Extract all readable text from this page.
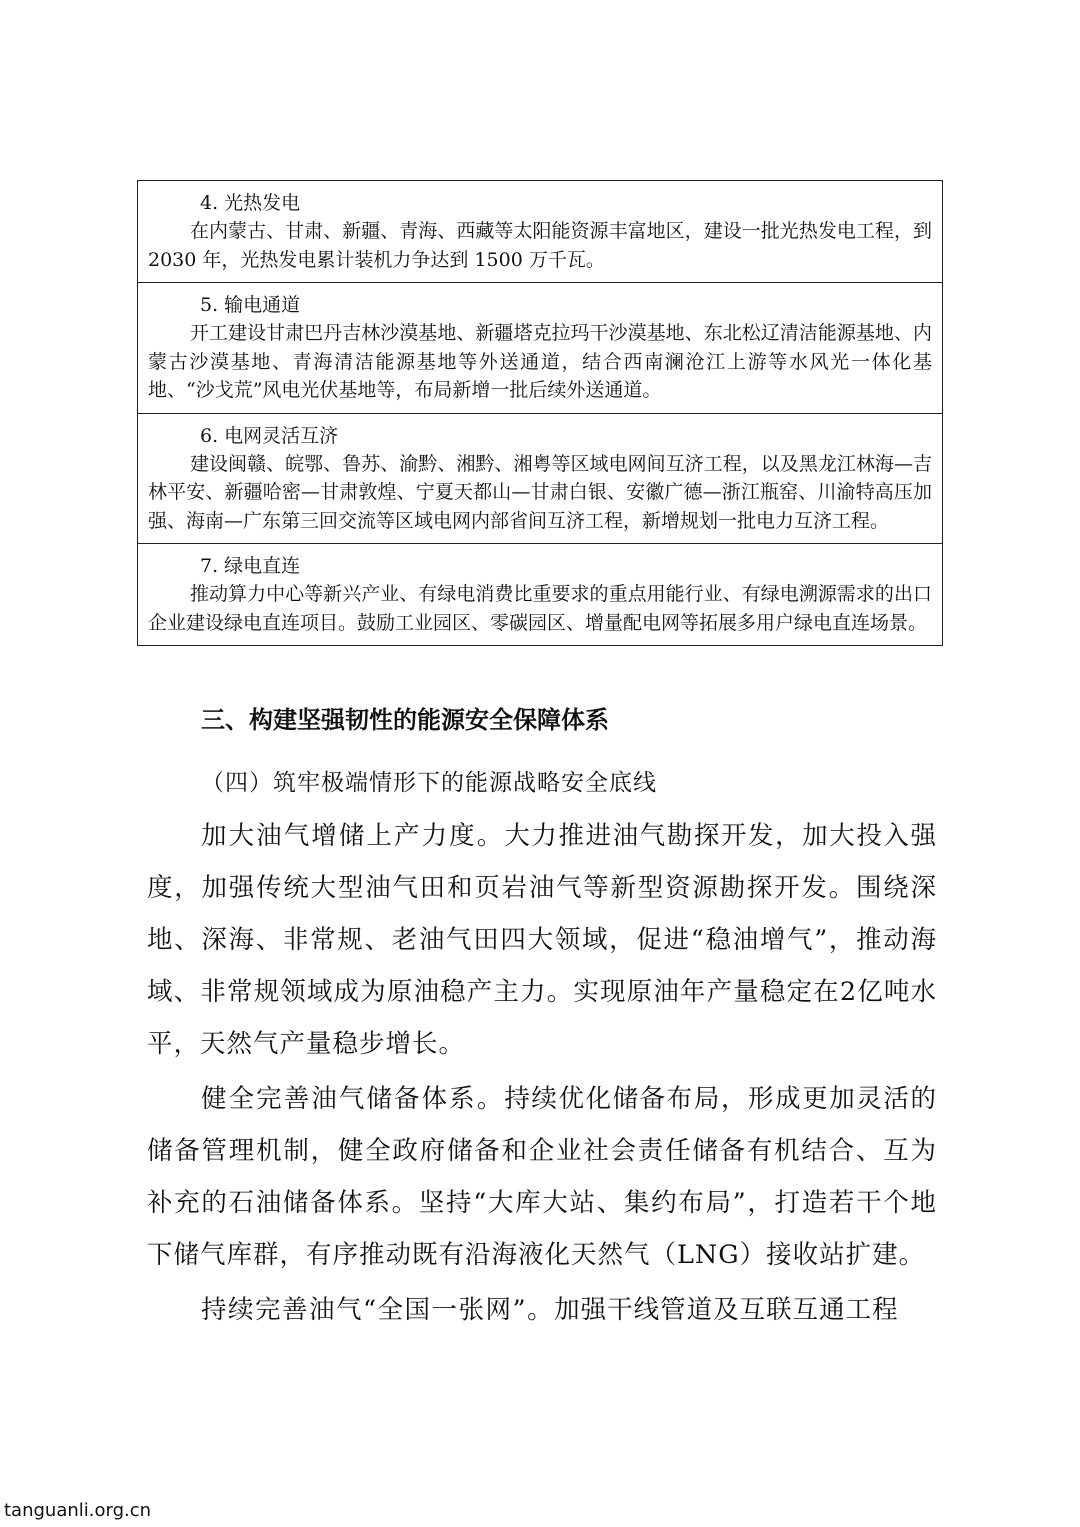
4. 光热发电
在内蒙古、甘肃、新疆、青海、西藏等太阳能资源丰富地区，建设一批光热发电工程，到 2030 年，光热发电累计装机力争达到 1500 万千瓦。
5. 输电通道
开工建设甘肃巴丹吉林沙漠基地、新疆塔克拉玛干沙漠基地、东北松辽清洁能源基地、内蒙古沙漠基地、青海清洁能源基地等外送通道，结合西南澜沧江上游等水风光一体化基地、“沙戈荒”风电光伏基地等，布局新增一批后续外送通道。
6. 电网灵活互济
建设闽赣、皖鄂、鲁苏、渝黔、湘黔、湘粤等区域电网间互济工程，以及黑龙江林海—吉林平安、新疆哈密—甘肃敦煌、宁夏天都山—甘肃白银、安徽广德—浙江瓶窑、川渝特高压加强、海南—广东第三回交流等区域电网内部省间互济工程，新增规划一批电力互济工程。
7. 绿电直连
推动算力中心等新兴产业、有绿电消费比重要求的重点用能行业、有绿电溯源需求的出口企业建设绿电直连项目。鼓励工业园区、零碳园区、增量配电网等拓展多用户绿电直连场景。
三、构建坚强韧性的能源安全保障体系
（四）筑牢极端情形下的能源战略安全底线

加大油气增储上产力度。大力推进油气勘探开发，加大投入强度，加强传统大型油气田和页岩油气等新型资源勘探开发。围绕深地、深海、非常规、老油气田四大领域，促进“稳油增气”，推动海域、非常规领域成为原油稳产主力。实现原油年产量稳定在2亿吨水平，天然气产量稳步增长。

健全完善油气储备体系。持续优化储备布局，形成更加灵活的储备管理机制，健全政府储备和企业社会责任储备有机结合、互为补充的石油储备体系。坚持“大库大站、集约布局”，打造若干个地下储气库群，有序推动既有沿海液化天然气（LNG）接收站扩建。

持续完善油气“全国一张网”。加强干线管道及互联互通工程

tanguanli.org.cn
